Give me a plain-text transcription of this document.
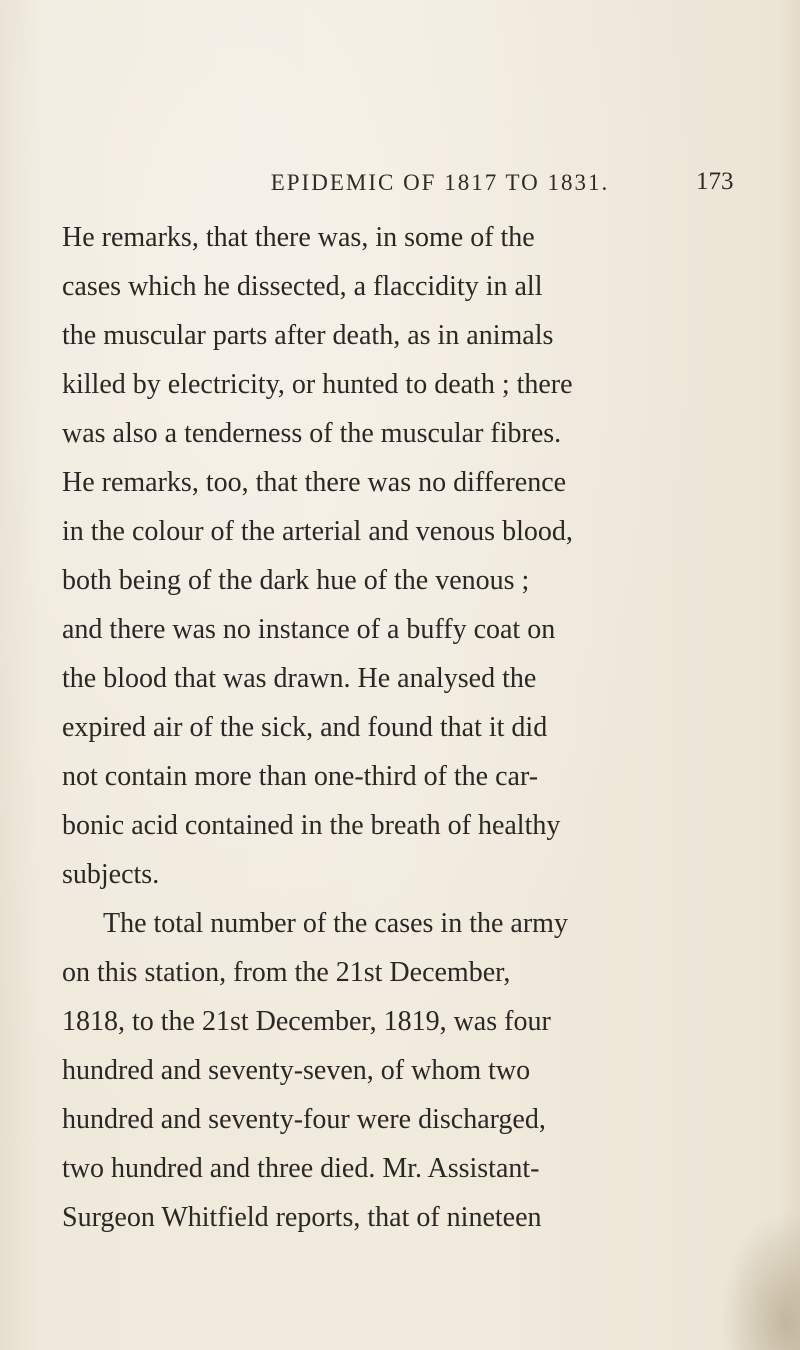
EPIDEMIC OF 1817 TO 1831.	173
He remarks, that there was, in some of the
cases which he dissected, a flaccidity in all
the muscular parts after death, as in animals
killed by electricity, or hunted to death ; there
was also a tenderness of the muscular fibres.
He remarks, too, that there was no difference
in the colour of the arterial and venous blood,
both being of the dark hue of the venous ;
and there was no instance of a buffy coat on
the blood that was drawn. He analysed the
expired air of the sick, and found that it did
not contain more than one-third of the car-
bonic acid contained in the breath of healthy
subjects.
The total number of the cases in the army
on this station, from the 21st December,
1818, to the 21st December, 1819, was four
hundred and seventy-seven, of whom two
hundred and seventy-four were discharged,
two hundred and three died. Mr. Assistant-
Surgeon Whitfield reports, that of nineteen
